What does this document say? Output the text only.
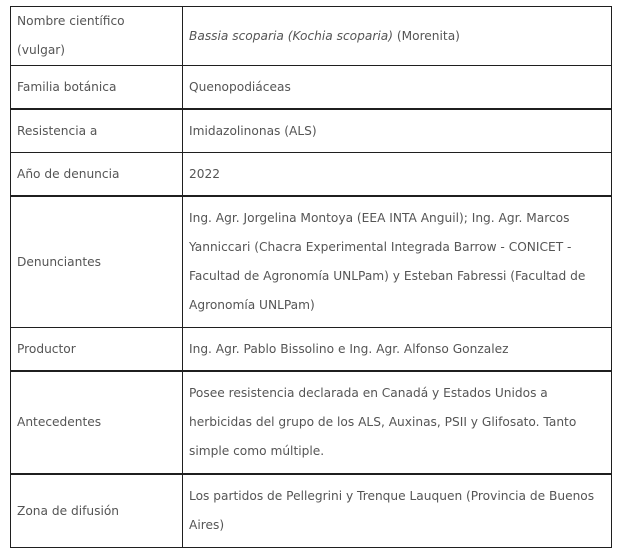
Nombre científico (vulgar)	Bassia scoparia (Kochia scoparia) (Morenita)
Familia botánica	Quenopodiáceas
Resistencia a	Imidazolinonas (ALS)
Año de denuncia	2022
Denunciantes	Ing. Agr. Jorgelina Montoya (EEA INTA Anguil); Ing. Agr. Marcos Yanniccari (Chacra Experimental Integrada Barrow - CONICET - Facultad de Agronomía UNLPam) y Esteban Fabressi (Facultad de Agronomía UNLPam)
Productor	Ing. Agr. Pablo Bissolino e Ing. Agr. Alfonso Gonzalez
Antecedentes	Posee resistencia declarada en Canadá y Estados Unidos a herbicidas del grupo de los ALS, Auxinas, PSII y Glifosato. Tanto simple como múltiple.
Zona de difusión	Los partidos de Pellegrini y Trenque Lauquen (Provincia de Buenos Aires)
